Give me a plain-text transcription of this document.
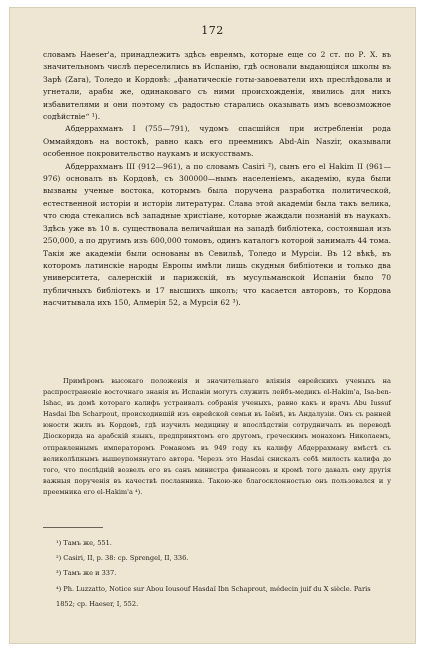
172

словамъ Haeser'a, принадлежитъ здѣсь евреямъ, которые еще со 2 ст. по Р. Х. въ значительномъ числѣ переселились въ Испанію, гдѣ основали выдающіяся школы въ Зарѣ (Zara), Толедо и Кордовѣ: „фанатическіе готы-завоеватели ихъ преслѣдовали и угнетали, арабы же, одинаковаго съ ними происхожденія, явились для нихъ избавителями и они поэтому съ радостью старались оказывать имъ всевозможное содѣйствіе“ ¹).

Абдеррахманъ I (755—791), чудомъ спасшійся при истребленіи рода Оммайядовъ на востокѣ, равно какъ его преемникъ Abd-Ain Naszir, оказывали особенное покровительство наукамъ и искусствамъ.

Абдеррахманъ III (912—961), а по словамъ Casiri ²), сынъ его el Hakim II (961—976) основалъ въ Кордовѣ, съ 300000—нымъ населеніемъ, академію, куда были вызваны ученые востока, которымъ была поручена разработка политической, естественной исторіи и исторіи литературы. Слава этой академіи была такъ велика, что сюда стекались всѣ западные христіане, которые жаждали познаній въ наукахъ. Здѣсь уже въ 10 в. существовала величайшая на западѣ библіотека, состоявшая изъ 250,000, а по другимъ изъ 600,000 томовъ, одинъ каталогъ которой занималъ 44 тома. Такія же академіи были основаны въ Севильѣ, Толедо и Мурсіи. Въ 12 вѣкѣ, въ которомъ латинскіе народы Европы имѣли лишь скудныя библіотеки и только два университета, салернскій и парижскій, въ мусульманской Испаніи было 70 публичныхъ библіотекъ и 17 высшихъ школъ; что касается авторовъ, то Кордова насчитывала ихъ 150, Алмерія 52, а Мурсія 62 ³).

Примѣромъ высокаго положенія и значительнаго вліянія еврейскихъ ученыхъ на распространеніе восточнаго знанія въ Испаніи могутъ служить лейбъ-медикъ el-Hakim'а, Isa-ben-Ishac, въ домѣ котораго калифъ устраивалъ собранія ученыхъ, равно какъ и врачъ Abu Iussuf Hasdai Ibn Scharpout, происходившій изъ еврейской семьи въ Iaёнѣ, въ Андалузіи. Онъ съ ранней юности жилъ въ Кордовѣ, гдѣ изучилъ медицину и впослѣдствіи сотрудничалъ въ переводѣ Діоскорида на арабскій языкъ, предпринятомъ его другомъ, греческимъ монахомъ Николаемъ, отправленнымъ императоромъ Романомъ въ 949 году къ калифу Абдеррахману вмѣстѣ съ великолѣпнымъ вышеупомянутаго автора. Черезъ это Hasdai снискалъ себѣ милость калифа до того, что послѣдній возвелъ его въ санъ министра финансовъ и кромѣ того давалъ ему другія важныя порученія въ качествѣ посланника. Такою-же благосклонностью онъ пользовался и у преемника его el-Hakim'a ⁴).

¹) Тамъ же, 551.
²) Casiri, II, p. 38: ср. Sprengel, II, 336.
³) Тамъ же и 337.
⁴) Ph. Luzzatto, Notice sur Abou Iousouf Hasdaï Ibn Schaprout, médecin juif du X siècle. Paris 1852; ср. Haeser, I, 552.
